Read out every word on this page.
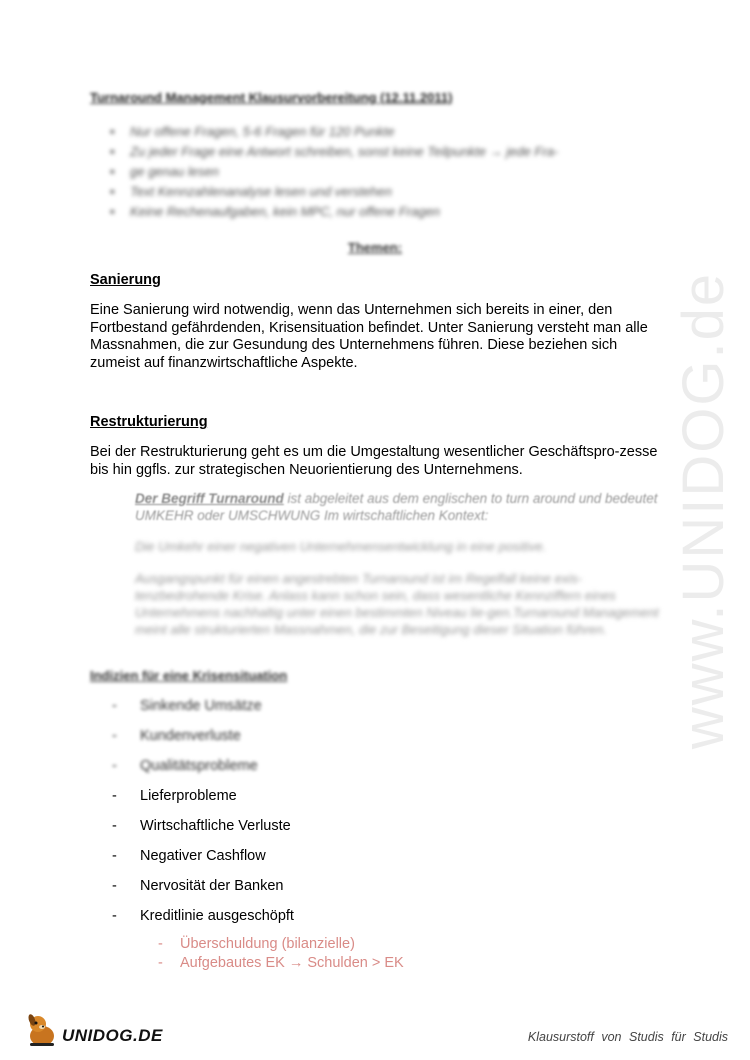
www.UNIDOG.de
Turnaround Management Klausurvorbereitung (12.11.2011)
• Nur offene Fragen, 5-6 Fragen für 120 Punkte
• Zu jeder Frage eine Antwort schreiben, sonst keine Teilpunkte → jede Fra-
• ge genau lesen
• Text Kennzahlenanalyse lesen und verstehen
• Keine Rechenaufgaben, kein MPC, nur offene Fragen
Themen:
Sanierung

Eine Sanierung wird notwendig, wenn das Unternehmen sich bereits in einer, den Fortbestand gefährdenden, Krisensituation befindet. Unter Sanierung versteht man alle Massnahmen, die zur Gesundung des Unternehmens führen. Diese beziehen sich zumeist auf finanzwirtschaftliche Aspekte.

Restrukturierung

Bei der Restrukturierung geht es um die Umgestaltung wesentlicher Geschäftspro-zesse bis hin ggfls. zur strategischen Neuorientierung des Unternehmens.

Der Begriff Turnaround ist abgeleitet aus dem englischen to turn around und bedeutet UMKEHR oder UMSCHWUNG Im wirtschaftlichen Kontext:

Die Umkehr einer negativen Unternehmensentwicklung in eine positive.

Ausgangspunkt für einen angestrebten Turnaround ist im Regelfall keine exis-tenzbedrohende Krise. Anlass kann schon sein, dass wesentliche Kennziffern eines Unternehmens nachhaltig unter einen bestimmten Niveau lie-gen.Turnaround Management meint alle strukturierten Massnahmen, die zur Beseitigung dieser Situation führen.

Indizien für eine Krisensituation
- Sinkende Umsätze
- Kundenverluste
- Qualitätsprobleme
- Lieferprobleme
- Wirtschaftliche Verluste
- Negativer Cashflow
- Nervosität der Banken
- Kreditlinie ausgeschöpft
- Überschuldung (bilanzielle)
- Aufgebautes EK → Schulden > EK
UNIDOG.DE	Klausurstoff von Studis für Studis
